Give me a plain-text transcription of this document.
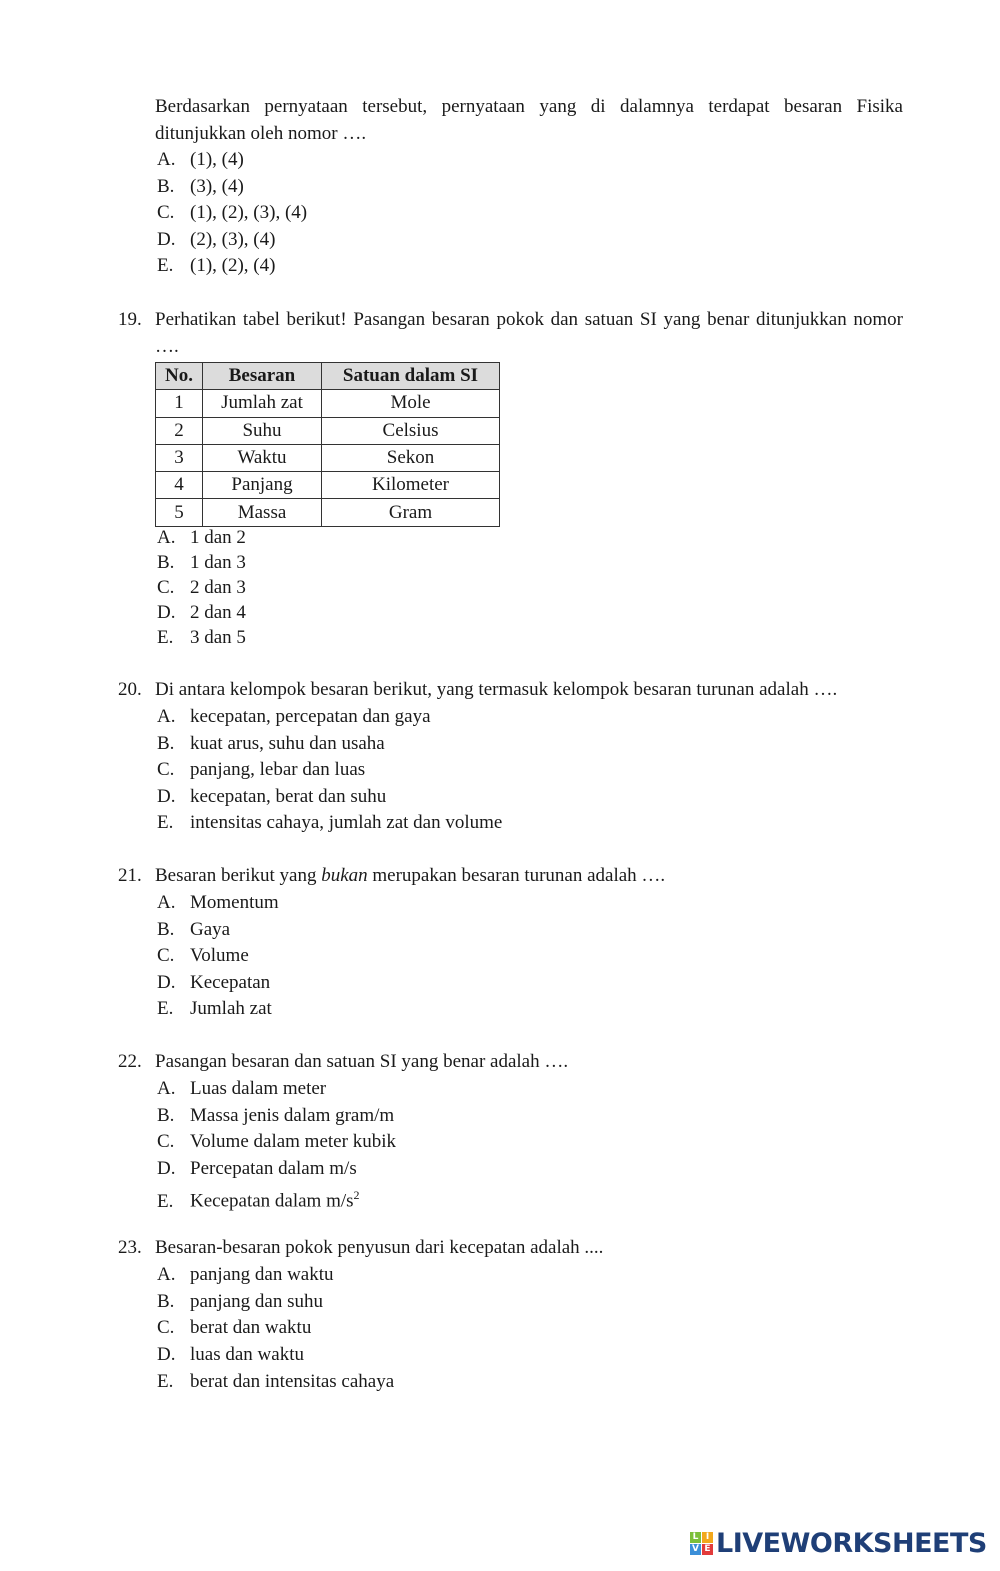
Berdasarkan pernyataan tersebut, pernyataan yang di dalamnya terdapat besaran Fisika ditunjukkan oleh nomor ….
No.	Besaran	Satuan dalam SI
1	Jumlah zat	Mole
2	Suhu	Celsius
3	Waktu	Sekon
4	Panjang	Kilometer
5	Massa	Gram
L I
V E LIVEWORKSHEETS
A. (1), (4)
B. (3), (4)
C. (1), (2), (3), (4)
D. (2), (3), (4)
E. (1), (2), (4)
19. Perhatikan tabel berikut! Pasangan besaran pokok dan satuan SI yang benar ditunjukkan nomor ….
A. 1 dan 2
B. 1 dan 3
C. 2 dan 3
D. 2 dan 4
E. 3 dan 5
20. Di antara kelompok besaran berikut, yang termasuk kelompok besaran turunan adalah ….
A. kecepatan, percepatan dan gaya
B. kuat arus, suhu dan usaha
C. panjang, lebar dan luas
D. kecepatan, berat dan suhu
E. intensitas cahaya, jumlah zat dan volume
21. Besaran berikut yang bukan merupakan besaran turunan adalah ….
A. Momentum
B. Gaya
C. Volume
D. Kecepatan
E. Jumlah zat
22. Pasangan besaran dan satuan SI yang benar adalah ….
A. Luas dalam meter
B. Massa jenis dalam gram/m
C. Volume dalam meter kubik
D. Percepatan dalam m/s
E. Kecepatan dalam $m/s^2$
23. Besaran-besaran pokok penyusun dari kecepatan adalah ....
A. panjang dan waktu
B. panjang dan suhu
C. berat dan waktu
D. luas dan waktu
E. berat dan intensitas cahaya
